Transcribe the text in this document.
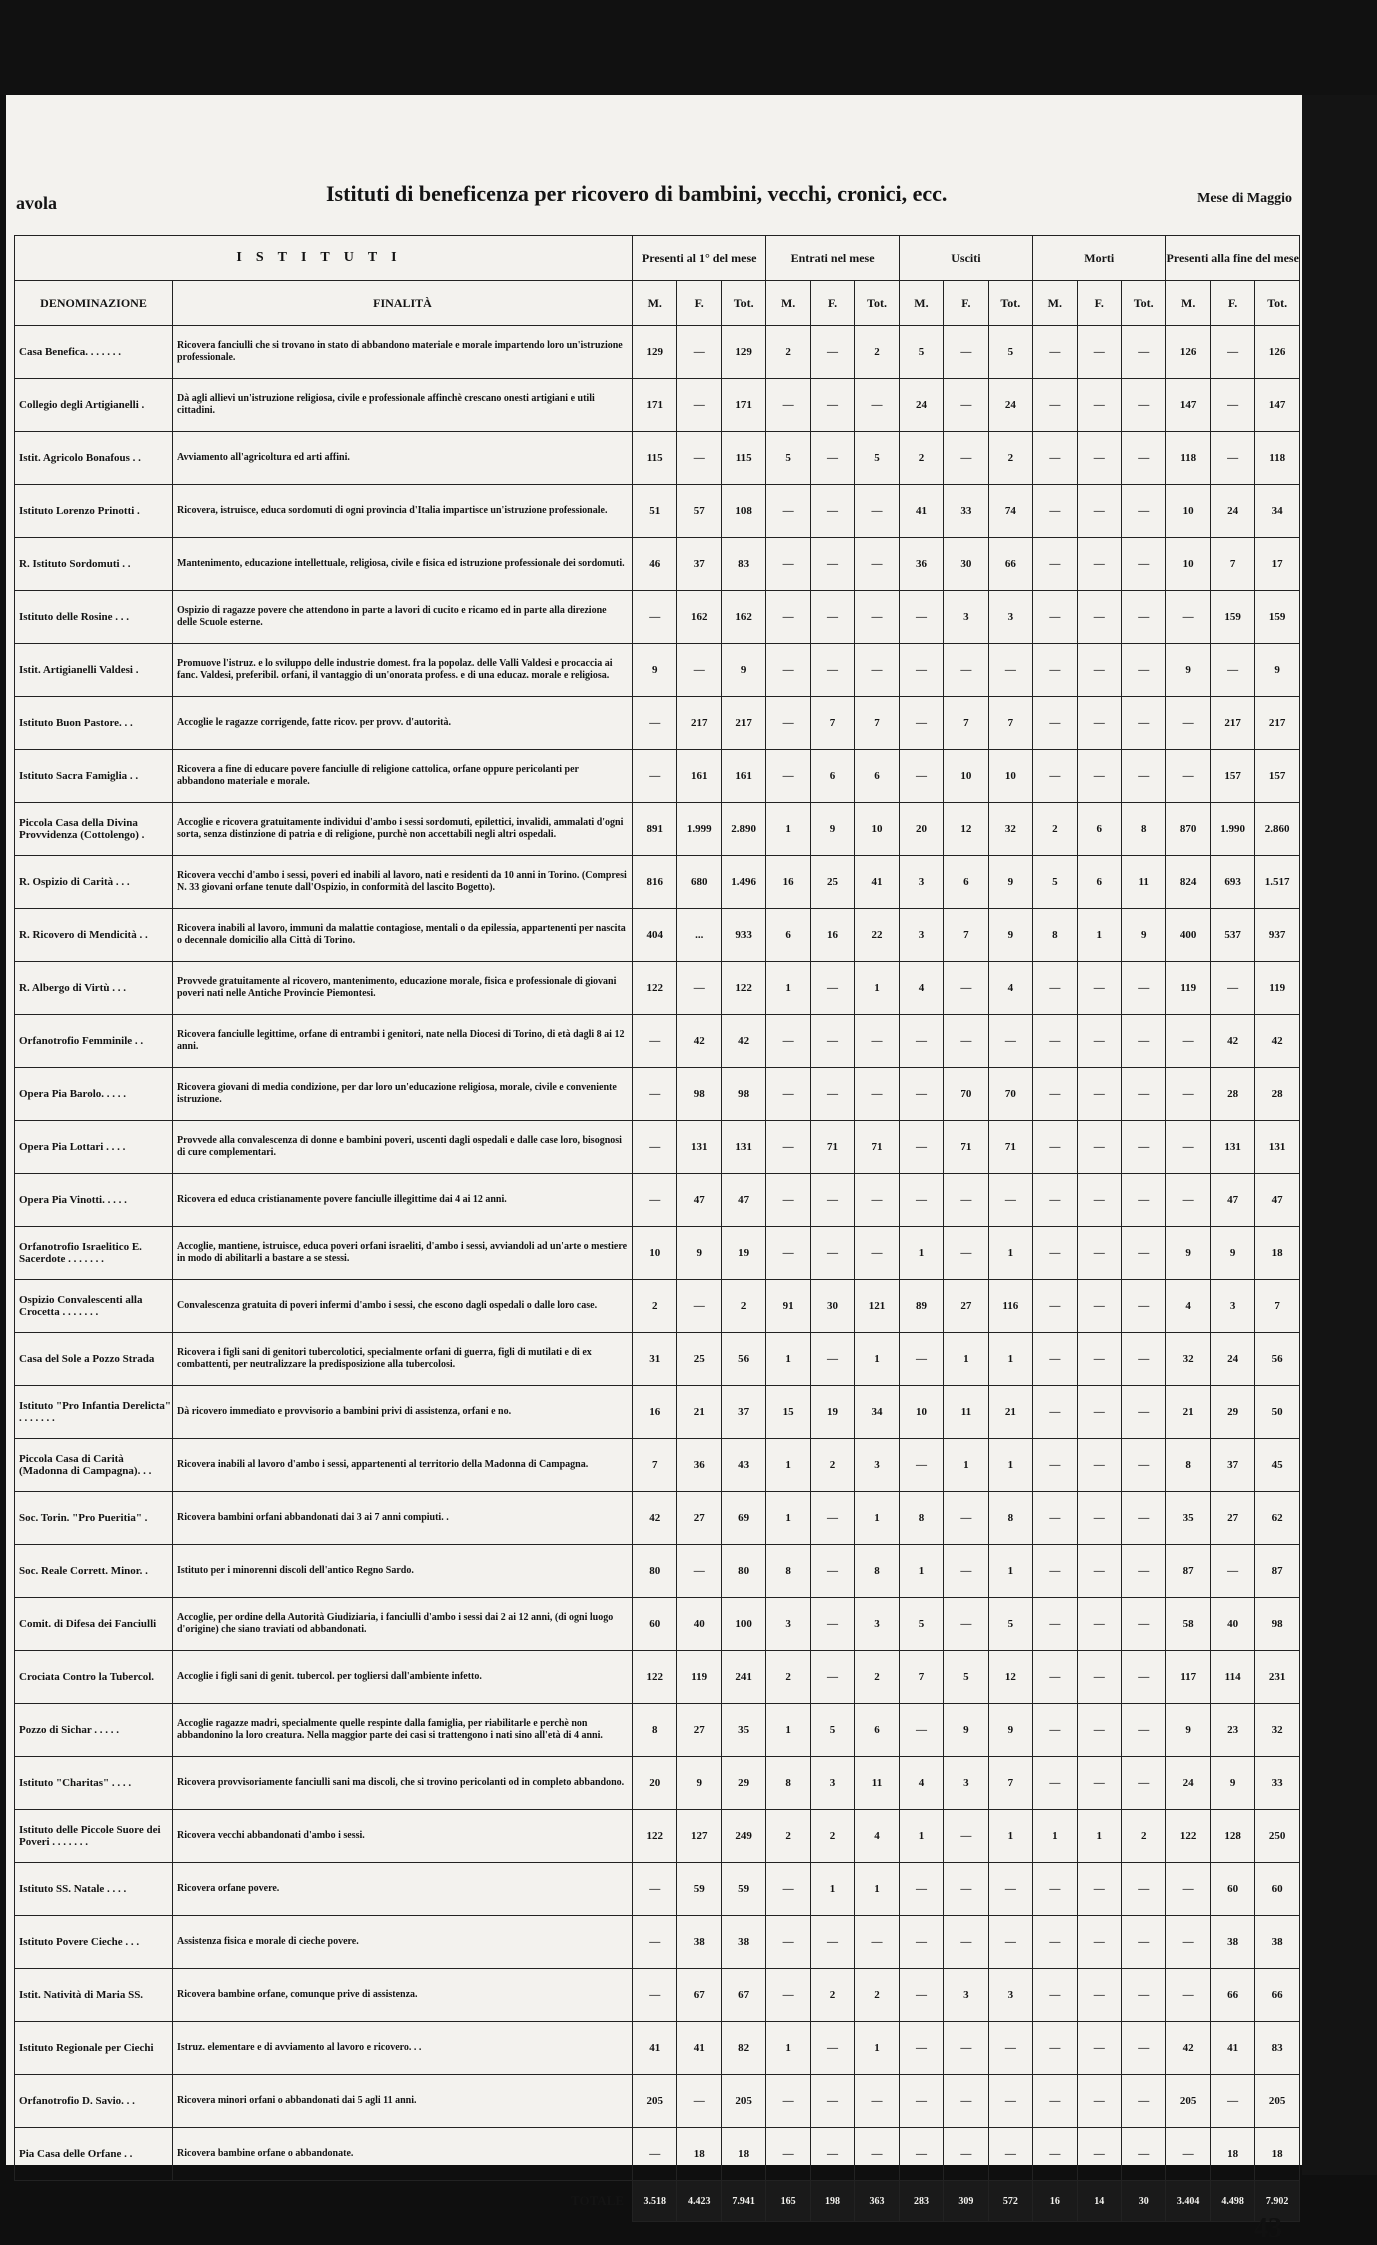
avola	Istituti di beneficenza per ricovero di bambini, vecchi, cronici, ecc.	Mese di Maggio
ISTITUTI		Presenti al 1° del mese			Entrati nel mese			Usciti			Morti			Presenti alla fine del mese		
DENOMINAZIONE	FINALITÀ	M.	F.	Tot.	M.	F.	Tot.	M.	F.	Tot.	M.	F.	Tot.	M.	F.	Tot.
Casa Benefica. . . . . . .	Ricovera fanciulli che si trovano in stato di abbandono materiale e morale impartendo loro un'istruzione professionale.	129	—	129	2	—	2	5	—	5	—	—	—	126	—	126
Collegio degli Artigianelli .	Dà agli allievi un'istruzione religiosa, civile e professionale affinchè crescano onesti artigiani e utili cittadini.	171	—	171	—	—	—	24	—	24	—	—	—	147	—	147
Istit. Agricolo Bonafous . .	Avviamento all'agricoltura ed arti affini.	115	—	115	5	—	5	2	—	2	—	—	—	118	—	118
Istituto Lorenzo Prinotti .	Ricovera, istruisce, educa sordomuti di ogni provincia d'Italia impartisce un'istruzione professionale.	51	57	108	—	—	—	41	33	74	—	—	—	10	24	34
R. Istituto Sordomuti . .	Mantenimento, educazione intellettuale, religiosa, civile e fisica ed istruzione professionale dei sordomuti.	46	37	83	—	—	—	36	30	66	—	—	—	10	7	17
Istituto delle Rosine . . .	Ospizio di ragazze povere che attendono in parte a lavori di cucito e ricamo ed in parte alla direzione delle Scuole esterne.	—	162	162	—	—	—	—	3	3	—	—	—	—	159	159
Istit. Artigianelli Valdesi .	Promuove l'istruz. e lo sviluppo delle industrie domest. fra la popolaz. delle Valli Valdesi e procaccia ai fanc. Valdesi, preferibil. orfani, il vantaggio di un'onorata profess. e di una educaz. morale e religiosa.	9	—	9	—	—	—	—	—	—	—	—	—	9	—	9
Istituto Buon Pastore. . .	Accoglie le ragazze corrigende, fatte ricov. per provv. d'autorità.	—	217	217	—	7	7	—	7	7	—	—	—	—	217	217
Istituto Sacra Famiglia . .	Ricovera a fine di educare povere fanciulle di religione cattolica, orfane oppure pericolanti per abbandono materiale e morale.	—	161	161	—	6	6	—	10	10	—	—	—	—	157	157
Piccola Casa della Divina Provvidenza (Cottolengo) .	Accoglie e ricovera gratuitamente individui d'ambo i sessi sordomuti, epilettici, invalidi, ammalati d'ogni sorta, senza distinzione di patria e di religione, purchè non accettabili negli altri ospedali.	891	1.999	2.890	1	9	10	20	12	32	2	6	8	870	1.990	2.860
R. Ospizio di Carità . . .	Ricovera vecchi d'ambo i sessi, poveri ed inabili al lavoro, nati e residenti da 10 anni in Torino. (Compresi N. 33 giovani orfane tenute dall'Ospizio, in conformità del lascito Bogetto).	816	680	1.496	16	25	41	3	6	9	5	6	11	824	693	1.517
R. Ricovero di Mendicità . .	Ricovera inabili al lavoro, immuni da malattie contagiose, mentali o da epilessia, appartenenti per nascita o decennale domicilio alla Città di Torino.	404	...	933	6	16	22	3	7	9	8	1	9	400	537	937
R. Albergo di Virtù . . .	Provvede gratuitamente al ricovero, mantenimento, educazione morale, fisica e professionale di giovani poveri nati nelle Antiche Provincie Piemontesi.	122	—	122	1	—	1	4	—	4	—	—	—	119	—	119
Orfanotrofio Femminile . .	Ricovera fanciulle legittime, orfane di entrambi i genitori, nate nella Diocesi di Torino, di età dagli 8 ai 12 anni.	—	42	42	—	—	—	—	—	—	—	—	—	—	42	42
Opera Pia Barolo. . . . .	Ricovera giovani di media condizione, per dar loro un'educazione religiosa, morale, civile e conveniente istruzione.	—	98	98	—	—	—	—	70	70	—	—	—	—	28	28
Opera Pia Lottari . . . .	Provvede alla convalescenza di donne e bambini poveri, uscenti dagli ospedali e dalle case loro, bisognosi di cure complementari.	—	131	131	—	71	71	—	71	71	—	—	—	—	131	131
Opera Pia Vinotti. . . . .	Ricovera ed educa cristianamente povere fanciulle illegittime dai 4 ai 12 anni.	—	47	47	—	—	—	—	—	—	—	—	—	—	47	47
Orfanotrofio Israelitico E. Sacerdote . . . . . . .	Accoglie, mantiene, istruisce, educa poveri orfani israeliti, d'ambo i sessi, avviandoli ad un'arte o mestiere in modo di abilitarli a bastare a se stessi.	10	9	19	—	—	—	1	—	1	—	—	—	9	9	18
Ospizio Convalescenti alla Crocetta . . . . . . .	Convalescenza gratuita di poveri infermi d'ambo i sessi, che escono dagli ospedali o dalle loro case.	2	—	2	91	30	121	89	27	116	—	—	—	4	3	7
Casa del Sole a Pozzo Strada	Ricovera i figli sani di genitori tubercolotici, specialmente orfani di guerra, figli di mutilati e di ex combattenti, per neutralizzare la predisposizione alla tubercolosi.	31	25	56	1	—	1	—	1	1	—	—	—	32	24	56
Istituto "Pro Infantia Derelicta" . . . . . . .	Dà ricovero immediato e provvisorio a bambini privi di assistenza, orfani e no.	16	21	37	15	19	34	10	11	21	—	—	—	21	29	50
Piccola Casa di Carità (Madonna di Campagna). . .	Ricovera inabili al lavoro d'ambo i sessi, appartenenti al territorio della Madonna di Campagna.	7	36	43	1	2	3	—	1	1	—	—	—	8	37	45
Soc. Torin. "Pro Pueritia" .	Ricovera bambini orfani abbandonati dai 3 ai 7 anni compiuti. .	42	27	69	1	—	1	8	—	8	—	—	—	35	27	62
Soc. Reale Corrett. Minor. .	Istituto per i minorenni discoli dell'antico Regno Sardo.	80	—	80	8	—	8	1	—	1	—	—	—	87	—	87
Comit. di Difesa dei Fanciulli	Accoglie, per ordine della Autorità Giudiziaria, i fanciulli d'ambo i sessi dai 2 ai 12 anni, (di ogni luogo d'origine) che siano traviati od abbandonati.	60	40	100	3	—	3	5	—	5	—	—	—	58	40	98
Crociata Contro la Tubercol.	Accoglie i figli sani di genit. tubercol. per togliersi dall'ambiente infetto.	122	119	241	2	—	2	7	5	12	—	—	—	117	114	231
Pozzo di Sichar . . . . .	Accoglie ragazze madri, specialmente quelle respinte dalla famiglia, per riabilitarle e perchè non abbandonino la loro creatura. Nella maggior parte dei casi si trattengono i nati sino all'età di 4 anni.	8	27	35	1	5	6	—	9	9	—	—	—	9	23	32
Istituto "Charitas" . . . .	Ricovera provvisoriamente fanciulli sani ma discoli, che si trovino pericolanti od in completo abbandono.	20	9	29	8	3	11	4	3	7	—	—	—	24	9	33
Istituto delle Piccole Suore dei Poveri . . . . . . .	Ricovera vecchi abbandonati d'ambo i sessi.	122	127	249	2	2	4	1	—	1	1	1	2	122	128	250
Istituto SS. Natale . . . .	Ricovera orfane povere.	—	59	59	—	1	1	—	—	—	—	—	—	—	60	60
Istituto Povere Cieche . . .	Assistenza fisica e morale di cieche povere.	—	38	38	—	—	—	—	—	—	—	—	—	—	38	38
Istit. Natività di Maria SS.	Ricovera bambine orfane, comunque prive di assistenza.	—	67	67	—	2	2	—	3	3	—	—	—	—	66	66
Istituto Regionale per Ciechi	Istruz. elementare e di avviamento al lavoro e ricovero. . .	41	41	82	1	—	1	—	—	—	—	—	—	42	41	83
Orfanotrofio D. Savio. . .	Ricovera minori orfani o abbandonati dai 5 agli 11 anni.	205	—	205	—	—	—	—	—	—	—	—	—	205	—	205
Pia Casa delle Orfane . .	Ricovera bambine orfane o abbandonate.	—	18	18	—	—	—	—	—	—	—	—	—	—	18	18
TOTALE		3.518	4.423	7.941	165	198	363	283	309	572	16	14	30	3.404	4.498	7.902
43
